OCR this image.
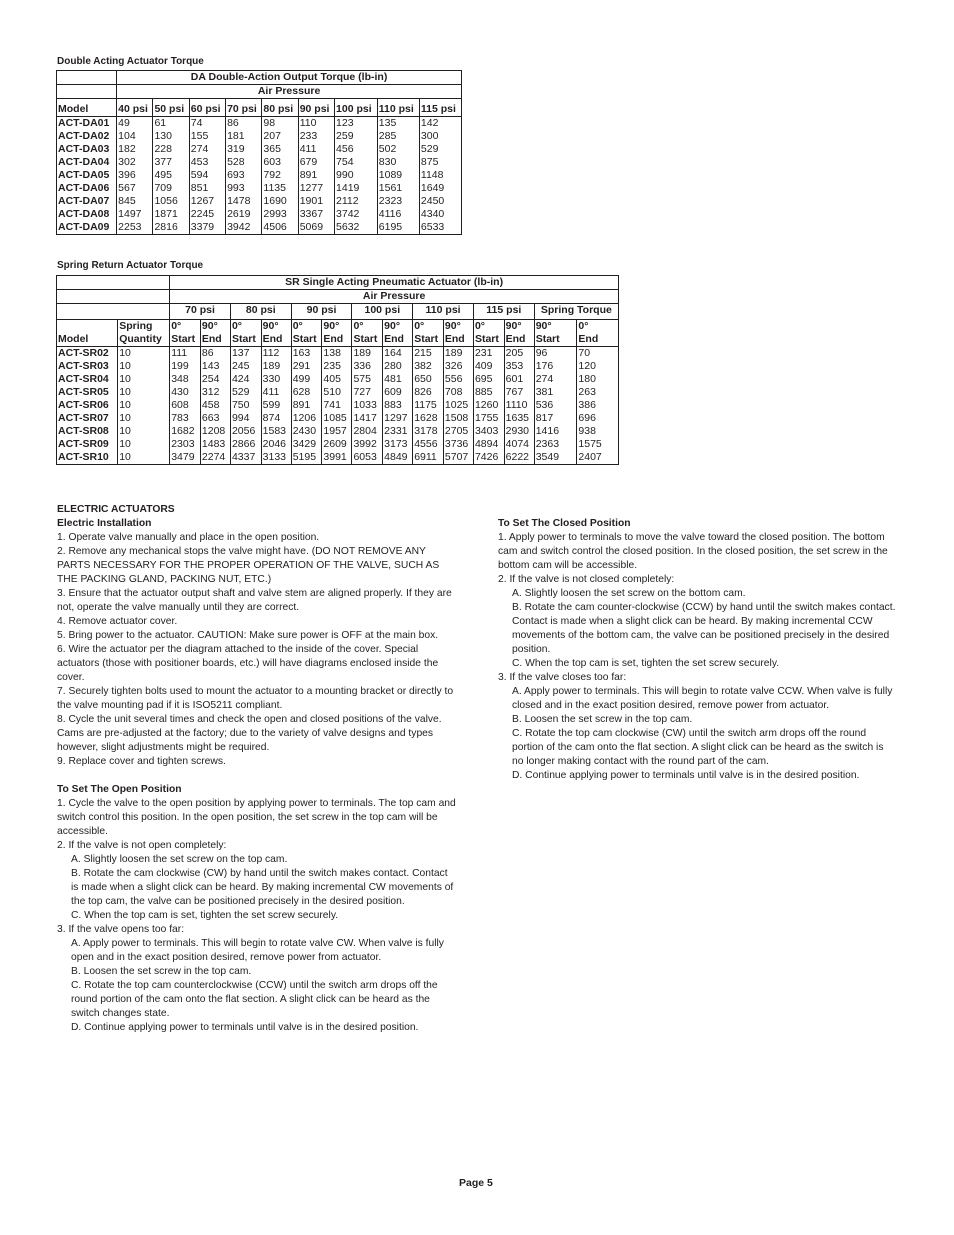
Double Acting Actuator Torque
	DA Double-Action Output Torque (lb-in)								
	Air Pressure								
Model	40 psi	50 psi	60 psi	70 psi	80 psi	90 psi	100 psi	110 psi	115 psi
ACT-DA01	49	61	74	86	98	110	123	135	142
ACT-DA02	104	130	155	181	207	233	259	285	300
ACT-DA03	182	228	274	319	365	411	456	502	529
ACT-DA04	302	377	453	528	603	679	754	830	875
ACT-DA05	396	495	594	693	792	891	990	1089	1148
ACT-DA06	567	709	851	993	1135	1277	1419	1561	1649
ACT-DA07	845	1056	1267	1478	1690	1901	2112	2323	2450
ACT-DA08	1497	1871	2245	2619	2993	3367	3742	4116	4340
ACT-DA09	2253	2816	3379	3942	4506	5069	5632	6195	6533
Spring Return Actuator Torque
		SR Single Acting Pneumatic Actuator (lb-in)													
		Air Pressure													
		70 psi		80 psi		90 psi		100 psi		110 psi		115 psi		Spring Torque	
	Spring	0°	90°	0°	90°	0°	90°	0°	90°	0°	90°	0°	90°	90°	0°
Model	Quantity	Start	End	Start	End	Start	End	Start	End	Start	End	Start	End	Start	End
ACT-SR02	10	111	86	137	112	163	138	189	164	215	189	231	205	96	70
ACT-SR03	10	199	143	245	189	291	235	336	280	382	326	409	353	176	120
ACT-SR04	10	348	254	424	330	499	405	575	481	650	556	695	601	274	180
ACT-SR05	10	430	312	529	411	628	510	727	609	826	708	885	767	381	263
ACT-SR06	10	608	458	750	599	891	741	1033	883	1175	1025	1260	1110	536	386
ACT-SR07	10	783	663	994	874	1206	1085	1417	1297	1628	1508	1755	1635	817	696
ACT-SR08	10	1682	1208	2056	1583	2430	1957	2804	2331	3178	2705	3403	2930	1416	938
ACT-SR09	10	2303	1483	2866	2046	3429	2609	3992	3173	4556	3736	4894	4074	2363	1575
ACT-SR10	10	3479	2274	4337	3133	5195	3991	6053	4849	6911	5707	7426	6222	3549	2407

ELECTRIC ACTUATORS

Electric Installation

1. Operate valve manually and place in the open position.

2. Remove any mechanical stops the valve might have. (DO NOT REMOVE ANY PARTS NECESSARY FOR THE PROPER OPERATION OF THE VALVE, SUCH AS THE PACKING GLAND, PACKING NUT, ETC.)

3. Ensure that the actuator output shaft and valve stem are aligned properly. If they are not, operate the valve manually until they are correct.

4. Remove actuator cover.

5. Bring power to the actuator. CAUTION: Make sure power is OFF at the main box.

6. Wire the actuator per the diagram attached to the inside of the cover. Special actuators (those with positioner boards, etc.) will have diagrams enclosed inside the cover.

7. Securely tighten bolts used to mount the actuator to a mounting bracket or directly to the valve mounting pad if it is ISO5211 compliant.

8. Cycle the unit several times and check the open and closed positions of the valve. Cams are pre-adjusted at the factory; due to the variety of valve designs and types however, slight adjustments might be required.

9. Replace cover and tighten screws.

To Set The Open Position

1. Cycle the valve to the open position by applying power to terminals. The top cam and switch control this position. In the open position, the set screw in the top cam will be accessible.

2. If the valve is not open completely:

A. Slightly loosen the set screw on the top cam.

B. Rotate the cam clockwise (CW) by hand until the switch makes contact. Contact is made when a slight click can be heard. By making incremental CW movements of the top cam, the valve can be positioned precisely in the desired position.

C. When the top cam is set, tighten the set screw securely.

3. If the valve opens too far:

A. Apply power to terminals. This will begin to rotate valve CW. When valve is fully open and in the exact position desired, remove power from actuator.

B. Loosen the set screw in the top cam.

C. Rotate the top cam counterclockwise (CCW) until the switch arm drops off the round portion of the cam onto the flat section. A slight click can be heard as the switch changes state.

D. Continue applying power to terminals until valve is in the desired position.

To Set The Closed Position

1. Apply power to terminals to move the valve toward the closed position. The bottom cam and switch control the closed position. In the closed position, the set screw in the bottom cam will be accessible.

2. If the valve is not closed completely:

A. Slightly loosen the set screw on the bottom cam.

B. Rotate the cam counter-clockwise (CCW) by hand until the switch makes contact. Contact is made when a slight click can be heard. By making incremental CCW movements of the bottom cam, the valve can be positioned precisely in the desired position.

C. When the top cam is set, tighten the set screw securely.

3. If the valve closes too far:

A. Apply power to terminals. This will begin to rotate valve CCW. When valve is fully closed and in the exact position desired, remove power from actuator.

B. Loosen the set screw in the top cam.

C. Rotate the top cam clockwise (CW) until the switch arm drops off the round portion of the cam onto the flat section. A slight click can be heard as the switch is no longer making contact with the round part of the cam.

D. Continue applying power to terminals until valve is in the desired position.

Page 5
